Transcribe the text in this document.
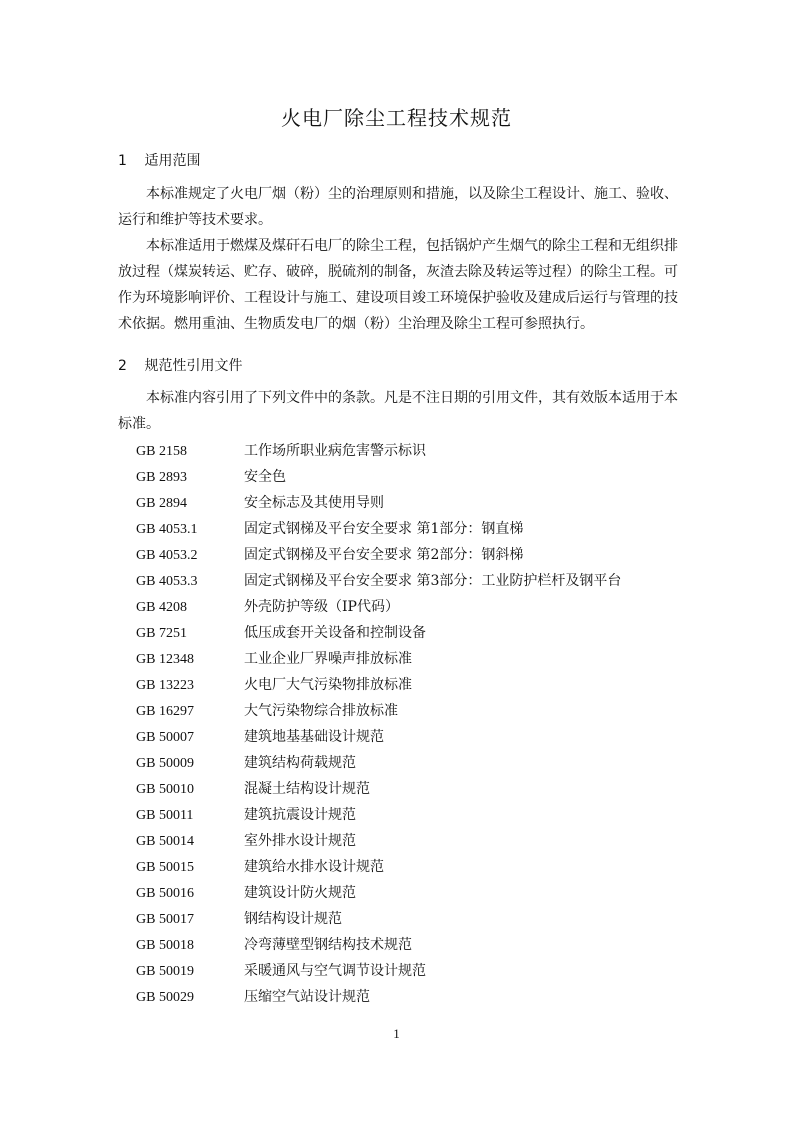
火电厂除尘工程技术规范
1 适用范围

本标准规定了火电厂烟（粉）尘的治理原则和措施，以及除尘工程设计、施工、验收、运行和维护等技术要求。

本标准适用于燃煤及煤矸石电厂的除尘工程，包括锅炉产生烟气的除尘工程和无组织排放过程（煤炭转运、贮存、破碎，脱硫剂的制备，灰渣去除及转运等过程）的除尘工程。可作为环境影响评价、工程设计与施工、建设项目竣工环境保护验收及建成后运行与管理的技术依据。燃用重油、生物质发电厂的烟（粉）尘治理及除尘工程可参照执行。

2 规范性引用文件

本标准内容引用了下列文件中的条款。凡是不注日期的引用文件，其有效版本适用于本标准。

GB 2158	工作场所职业病危害警示标识
GB 2893	安全色
GB 2894	安全标志及其使用导则
GB 4053.1	固定式钢梯及平台安全要求 第1部分：钢直梯
GB 4053.2	固定式钢梯及平台安全要求 第2部分：钢斜梯
GB 4053.3	固定式钢梯及平台安全要求 第3部分：工业防护栏杆及钢平台
GB 4208	外壳防护等级（IP代码）
GB 7251	低压成套开关设备和控制设备
GB 12348	工业企业厂界噪声排放标准
GB 13223	火电厂大气污染物排放标准
GB 16297	大气污染物综合排放标准
GB 50007	建筑地基基础设计规范
GB 50009	建筑结构荷载规范
GB 50010	混凝土结构设计规范
GB 50011	建筑抗震设计规范
GB 50014	室外排水设计规范
GB 50015	建筑给水排水设计规范
GB 50016	建筑设计防火规范
GB 50017	钢结构设计规范
GB 50018	冷弯薄壁型钢结构技术规范
GB 50019	采暖通风与空气调节设计规范
GB 50029	压缩空气站设计规范
1
